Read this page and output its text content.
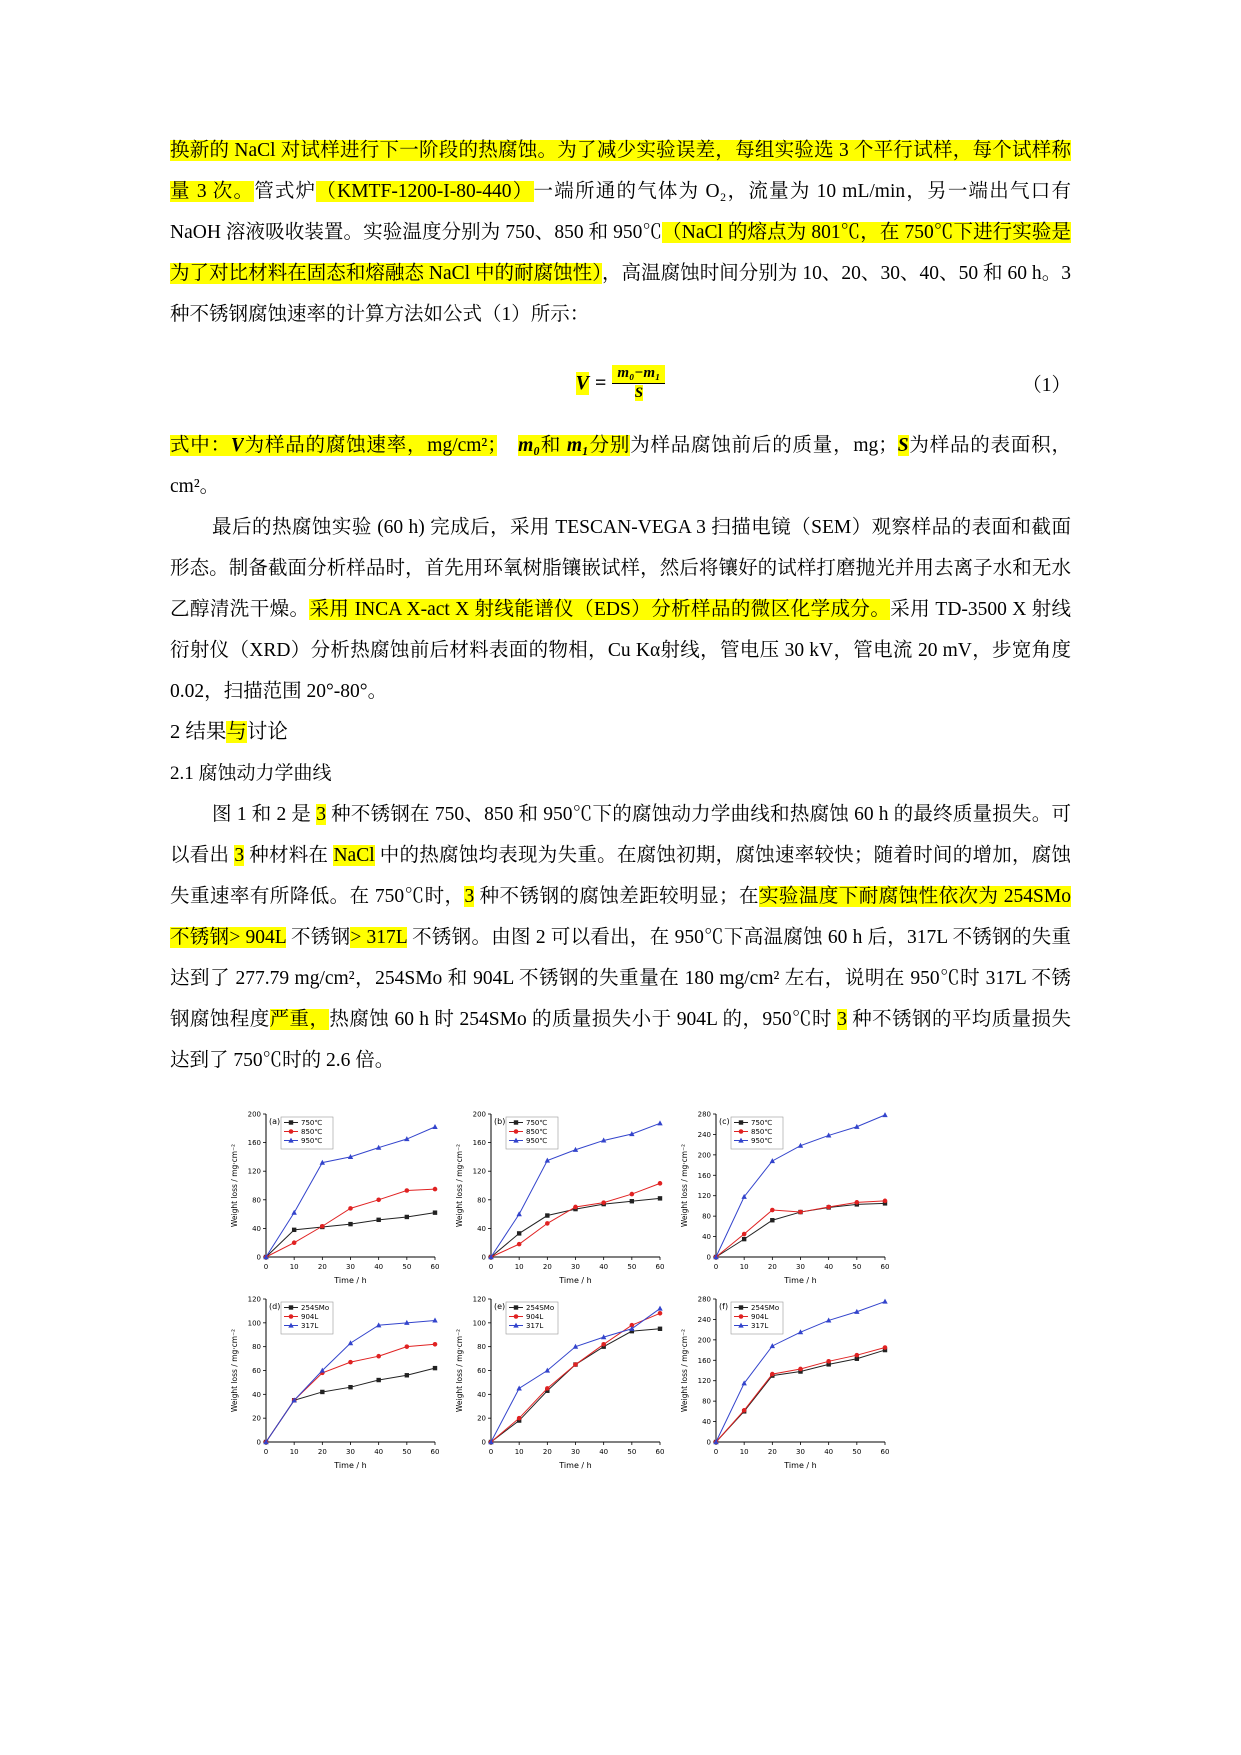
换新的 NaCl 对试样进行下一阶段的热腐蚀。为了减少实验误差，每组实验选 3 个平行试样，每个试样称量 3 次。管式炉（KMTF-1200-I-80-440）一端所通的气体为 O₂，流量为 10 mL/min，另一端出气口有 NaOH 溶液吸收装置。实验温度分别为 750、850 和 950℃（NaCl 的熔点为 801℃，在 750℃下进行实验是为了对比材料在固态和熔融态 NaCl 中的耐腐蚀性），高温腐蚀时间分别为 10、20、30、40、50 和 60 h。3 种不锈钢腐蚀速率的计算方法如公式（1）所示：

$V = \frac{\text{m₀−m₁}}{S}$	（1）

式中：V为样品的腐蚀速率，mg/cm²；　 m₀和 m₁分别为样品腐蚀前后的质量，mg；S为样品的表面积，cm²。

最后的热腐蚀实验 (60 h) 完成后，采用 TESCAN-VEGA 3 扫描电镜（SEM）观察样品的表面和截面形态。制备截面分析样品时，首先用环氧树脂镶嵌试样，然后将镶好的试样打磨抛光并用去离子水和无水乙醇清洗干燥。采用 INCA X-act X 射线能谱仪（EDS）分析样品的微区化学成分。采用 TD-3500 X 射线衍射仪（XRD）分析热腐蚀前后材料表面的物相，Cu Kα射线，管电压 30 kV，管电流 20 mV，步宽角度 0.02，扫描范围 20°-80°。

2 结果与讨论

2.1 腐蚀动力学曲线

图 1 和 2 是 3 种不锈钢在 750、850 和 950℃下的腐蚀动力学曲线和热腐蚀 60 h 的最终质量损失。可以看出 3 种材料在 NaCl 中的热腐蚀均表现为失重。在腐蚀初期，腐蚀速率较快；随着时间的增加，腐蚀失重速率有所降低。在 750℃时，3 种不锈钢的腐蚀差距较明显；在实验温度下耐腐蚀性依次为 254SMo 不锈钢> 904L 不锈钢> 317L 不锈钢。由图 2 可以看出，在 950℃下高温腐蚀 60 h 后，317L 不锈钢的失重达到了 277.79 mg/cm²，254SMo 和 904L 不锈钢的失重量在 180 mg/cm² 左右，说明在 950℃时 317L 不锈钢腐蚀程度严重，热腐蚀 60 h 时 254SMo 的质量损失小于 904L 的，950℃时 3 种不锈钢的平均质量损失达到了 750℃时的 2.6 倍。

0
40
80
120
160
200
0	10	20	30	40	50	60
Weight loss / mg·cm⁻²
Time / h
(a)	750℃
850℃
950℃
0
40
80
120
160
200
0	10	20	30	40	50	60
Weight loss / mg·cm⁻²
Time / h
(b)	750℃
850℃
950℃
0
40
80
120
160
200
240
280
0	10	20	30	40	50	60
Weight loss / mg·cm⁻²
Time / h
(c)	750℃
850℃
950℃
0
20
40
60
80
100
120
0	10	20	30	40	50	60
Weight loss / mg·cm⁻²
Time / h
(d)	254SMo
904L
317L
0
20
40
60
80
100
120
0	10	20	30	40	50	60
Weight loss / mg·cm⁻²
Time / h
(e)	254SMo
904L
317L
0
40
80
120
160
200
240
280
0	10	20	30	40	50	60
Weight loss / mg·cm⁻²
Time / h
(f)	254SMo
904L
317L
